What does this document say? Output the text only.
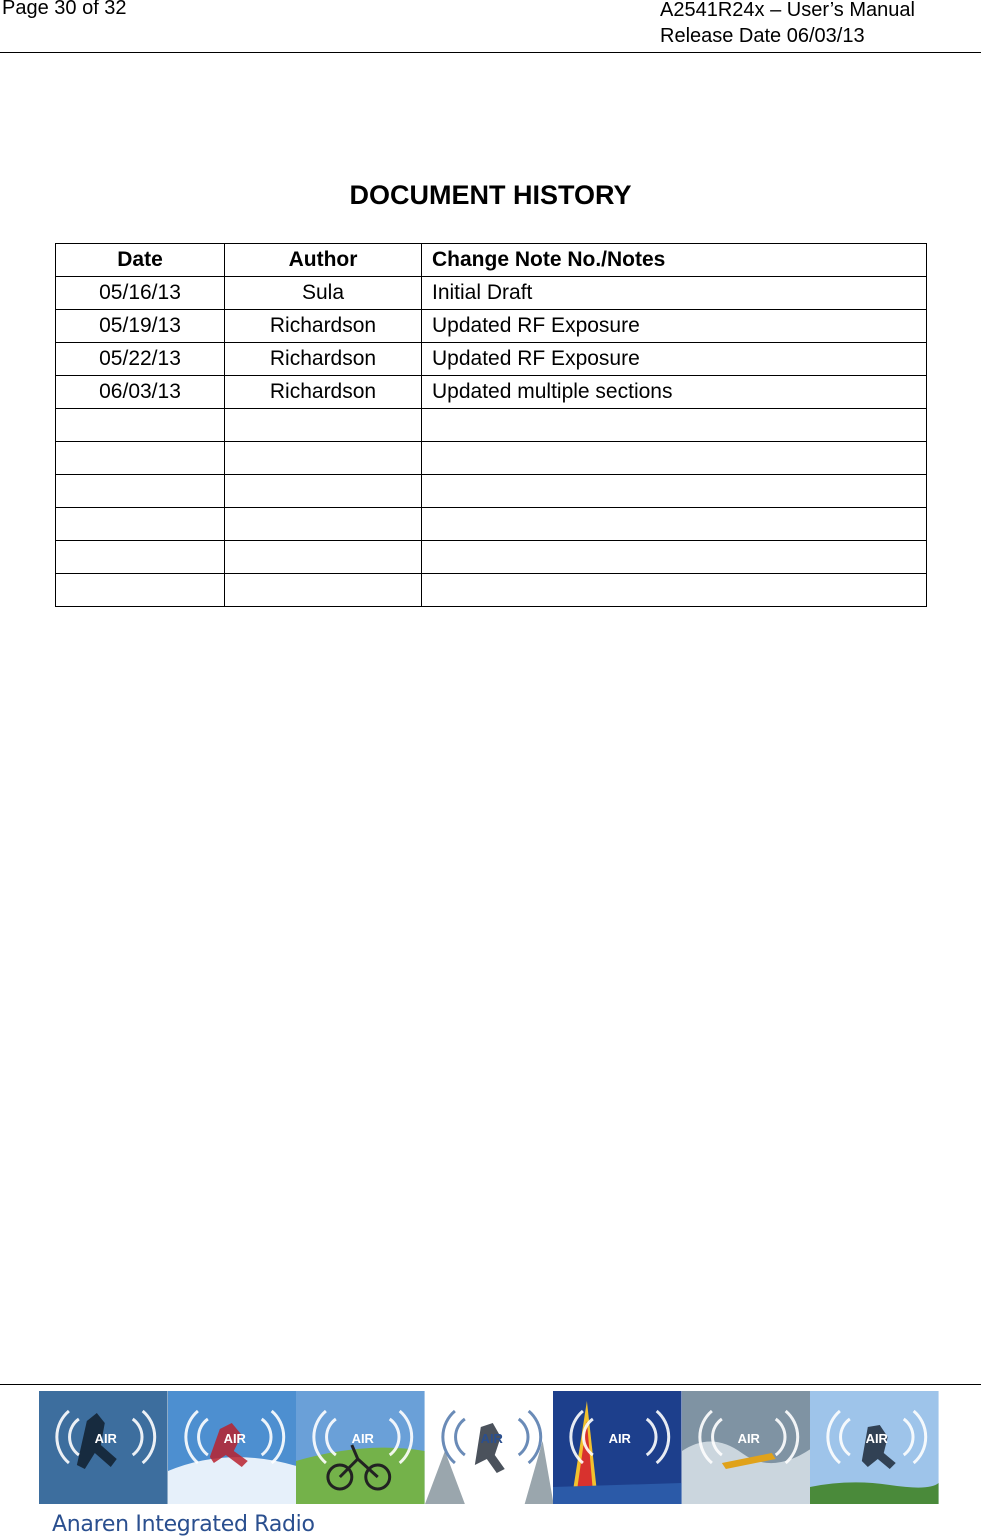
Page 30 of 32	A2541R24x – User’s Manual
Release Date 06/03/13
DOCUMENT HISTORY
Date	Author	Change Note No./Notes
05/16/13	Sula	Initial Draft
05/19/13	Richardson	Updated RF Exposure
05/22/13	Richardson	Updated RF Exposure
06/03/13	Richardson	Updated multiple sections

AIR	AIR	AIR	AIR	AIR	AIR	AIR
Anaren Integrated Radio
